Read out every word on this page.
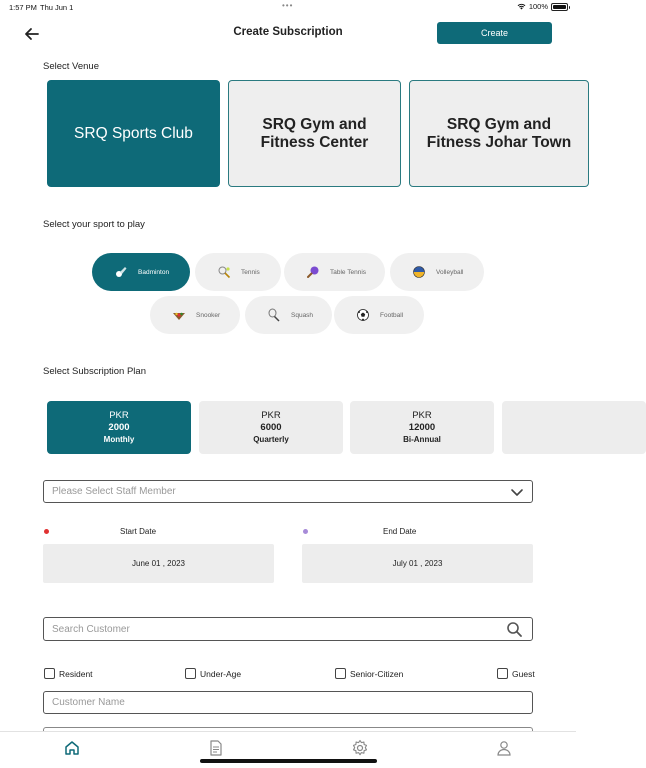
1:57 PM Thu Jun 1	•••	100%
Create Subscription	Create
Select Venue
SRQ Sports Club
SRQ Gym and Fitness Center
SRQ Gym and Fitness Johar Town
Select your sport to play
Badminton	Tennis	Table Tennis	Volleyball
Snooker	Squash	Football
Select Subscription Plan
PKR
2000
Monthly
PKR
6000
Quarterly
PKR
12000
Bi-Annual
Please Select Staff Member
Start Date
June 01 , 2023
End Date
July 01 , 2023
Search Customer
Resident	Under-Age	Senior-Citizen	Guest
Customer Name
